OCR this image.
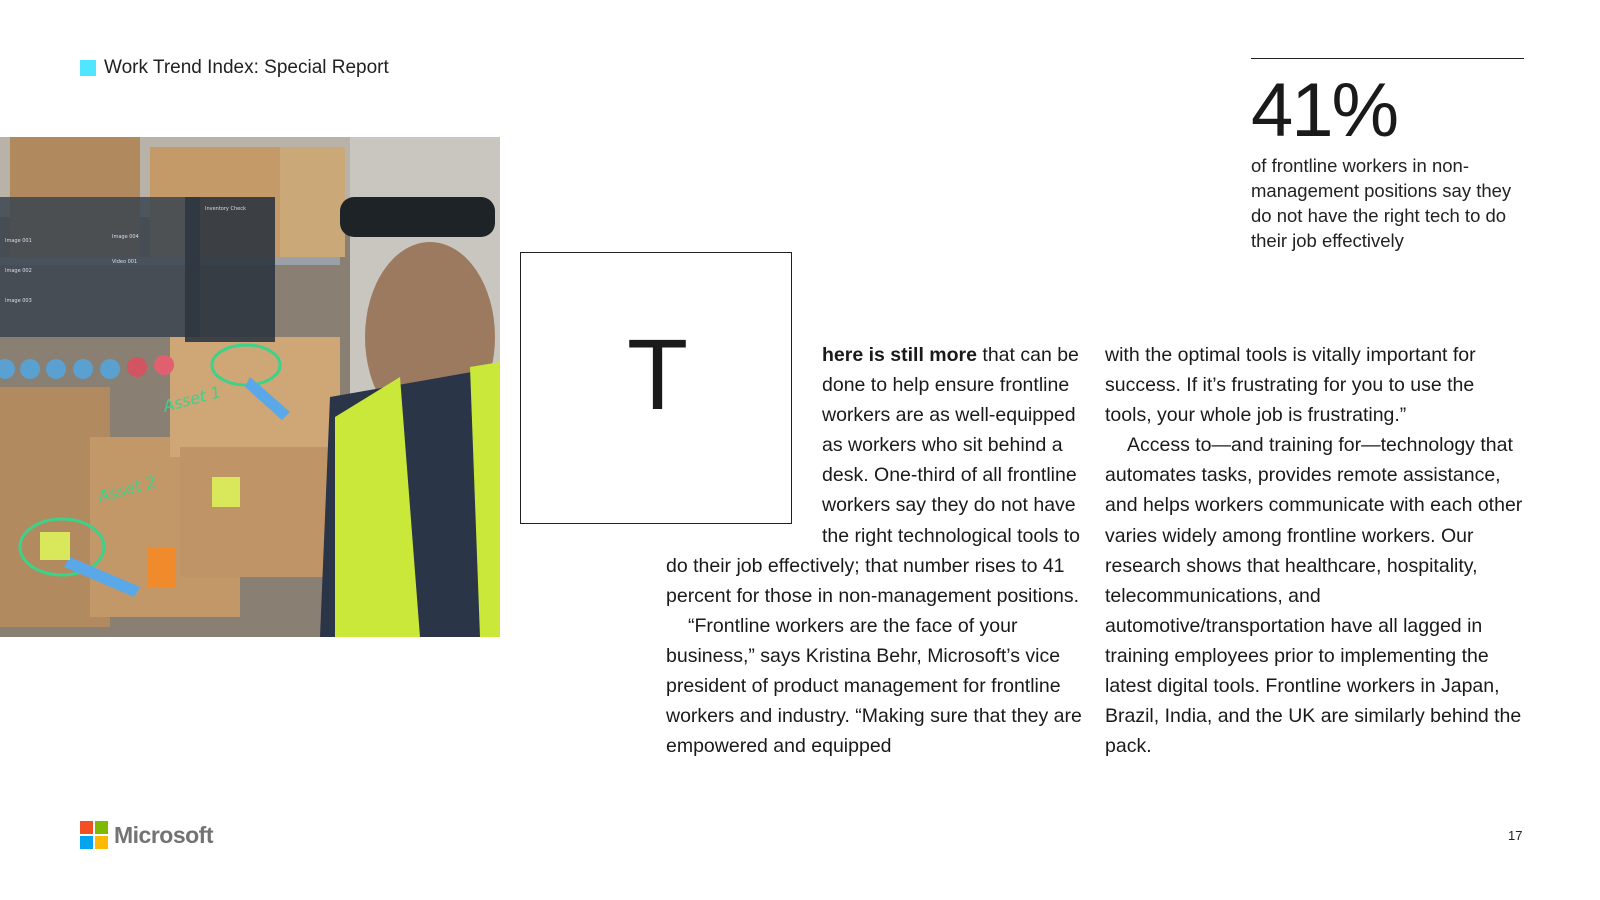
Work Trend Index: Special Report
Inventory Check
Image 001
Image 002
Image 003
Image 004
Video 001
Asset 1
Asset 2
41%
of frontline workers in non-management positions say they do not have the right tech to do their job effectively
T	here is still more that can be done to help ensure frontline workers are as well-equipped as workers who sit behind a desk. One-third of all frontline workers say they do not have the right technological tools to do their job effectively; that number rises to 41 percent for those in non-management positions.

“Frontline workers are the face of your business,” says Kristina Behr, Microsoft’s vice president of product management for frontline workers and industry. “Making sure that they are empowered and equipped

with the optimal tools is vitally important for success. If it’s frustrating for you to use the tools, your whole job is frustrating.”

Access to—and training for—technology that automates tasks, provides remote assistance, and helps workers communicate with each other varies widely among frontline workers. Our research shows that healthcare, hospitality, telecommunications, and automotive/transportation have all lagged in training employees prior to implementing the latest digital tools. Frontline workers in Japan, Brazil, India, and the UK are similarly behind the pack.

Microsoft	17
